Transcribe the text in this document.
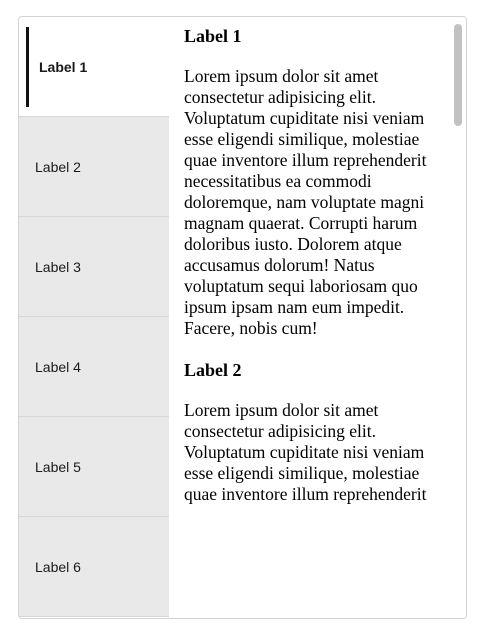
Label 1
Label 2
Label 3
Label 4
Label 5
Label 6
Label 1

Lorem ipsum dolor sit amet consectetur adipisicing elit. Voluptatum cupiditate nisi veniam esse eligendi similique, molestiae quae inventore illum reprehenderit necessitatibus ea commodi doloremque, nam voluptate magni magnam quaerat. Corrupti harum doloribus iusto. Dolorem atque accusamus dolorum! Natus voluptatum sequi laboriosam quo ipsum ipsam nam eum impedit. Facere, nobis cum!

Label 2

Lorem ipsum dolor sit amet consectetur adipisicing elit. Voluptatum cupiditate nisi veniam esse eligendi similique, molestiae quae inventore illum reprehenderit
